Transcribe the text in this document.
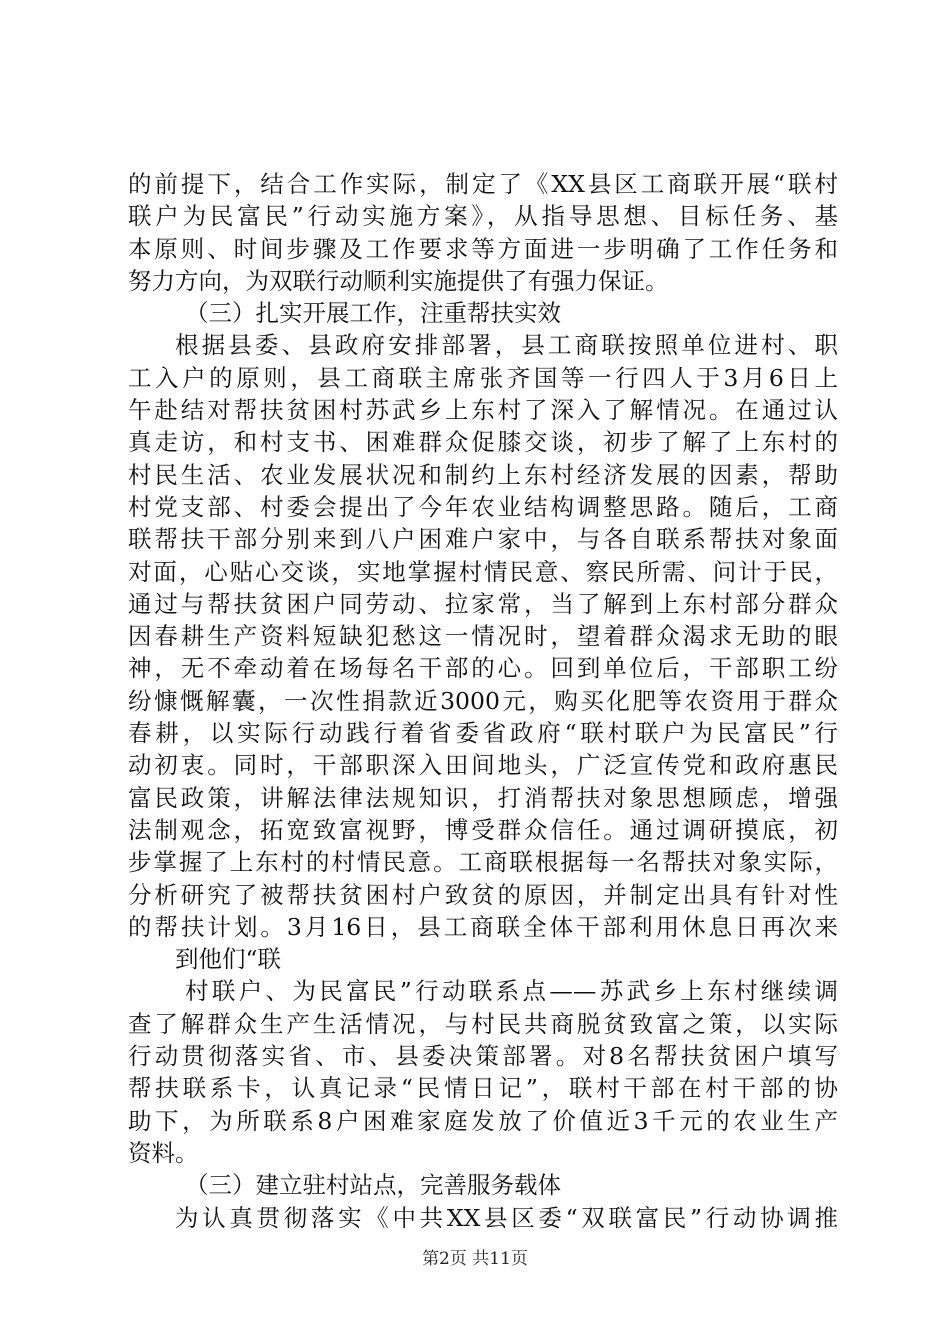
的前提下，结合工作实际，制定了《XX县区工商联开展“联村
联户为民富民”行动实施方案》，从指导思想、目标任务、基
本原则、时间步骤及工作要求等方面进一步明确了工作任务和
努力方向，为双联行动顺利实施提供了有强力保证。
（三）扎实开展工作，注重帮扶实效
根据县委、县政府安排部署，县工商联按照单位进村、职
工入户的原则，县工商联主席张齐国等一行四人于3月6日上
午赴结对帮扶贫困村苏武乡上东村了深入了解情况。在通过认
真走访，和村支书、困难群众促膝交谈，初步了解了上东村的
村民生活、农业发展状况和制约上东村经济发展的因素，帮助
村党支部、村委会提出了今年农业结构调整思路。随后，工商
联帮扶干部分别来到八户困难户家中，与各自联系帮扶对象面
对面，心贴心交谈，实地掌握村情民意、察民所需、问计于民，
通过与帮扶贫困户同劳动、拉家常，当了解到上东村部分群众
因春耕生产资料短缺犯愁这一情况时，望着群众渴求无助的眼
神，无不牵动着在场每名干部的心。回到单位后，干部职工纷
纷慷慨解囊，一次性捐款近3000元，购买化肥等农资用于群众
春耕，以实际行动践行着省委省政府“联村联户为民富民”行
动初衷。同时，干部职深入田间地头，广泛宣传党和政府惠民
富民政策，讲解法律法规知识，打消帮扶对象思想顾虑，增强
法制观念，拓宽致富视野，博受群众信任。通过调研摸底，初
步掌握了上东村的村情民意。工商联根据每一名帮扶对象实际，
分析研究了被帮扶贫困村户致贫的原因，并制定出具有针对性
的帮扶计划。3月16日，县工商联全体干部利用休息日再次来
到他们“联
村联户、为民富民”行动联系点——苏武乡上东村继续调
查了解群众生产生活情况，与村民共商脱贫致富之策，以实际
行动贯彻落实省、市、县委决策部署。对8名帮扶贫困户填写
帮扶联系卡，认真记录“民情日记”，联村干部在村干部的协
助下，为所联系8户困难家庭发放了价值近3千元的农业生产
资料。
（三）建立驻村站点，完善服务载体
为认真贯彻落实《中共XX县区委“双联富民”行动协调推
第2页 共11页
